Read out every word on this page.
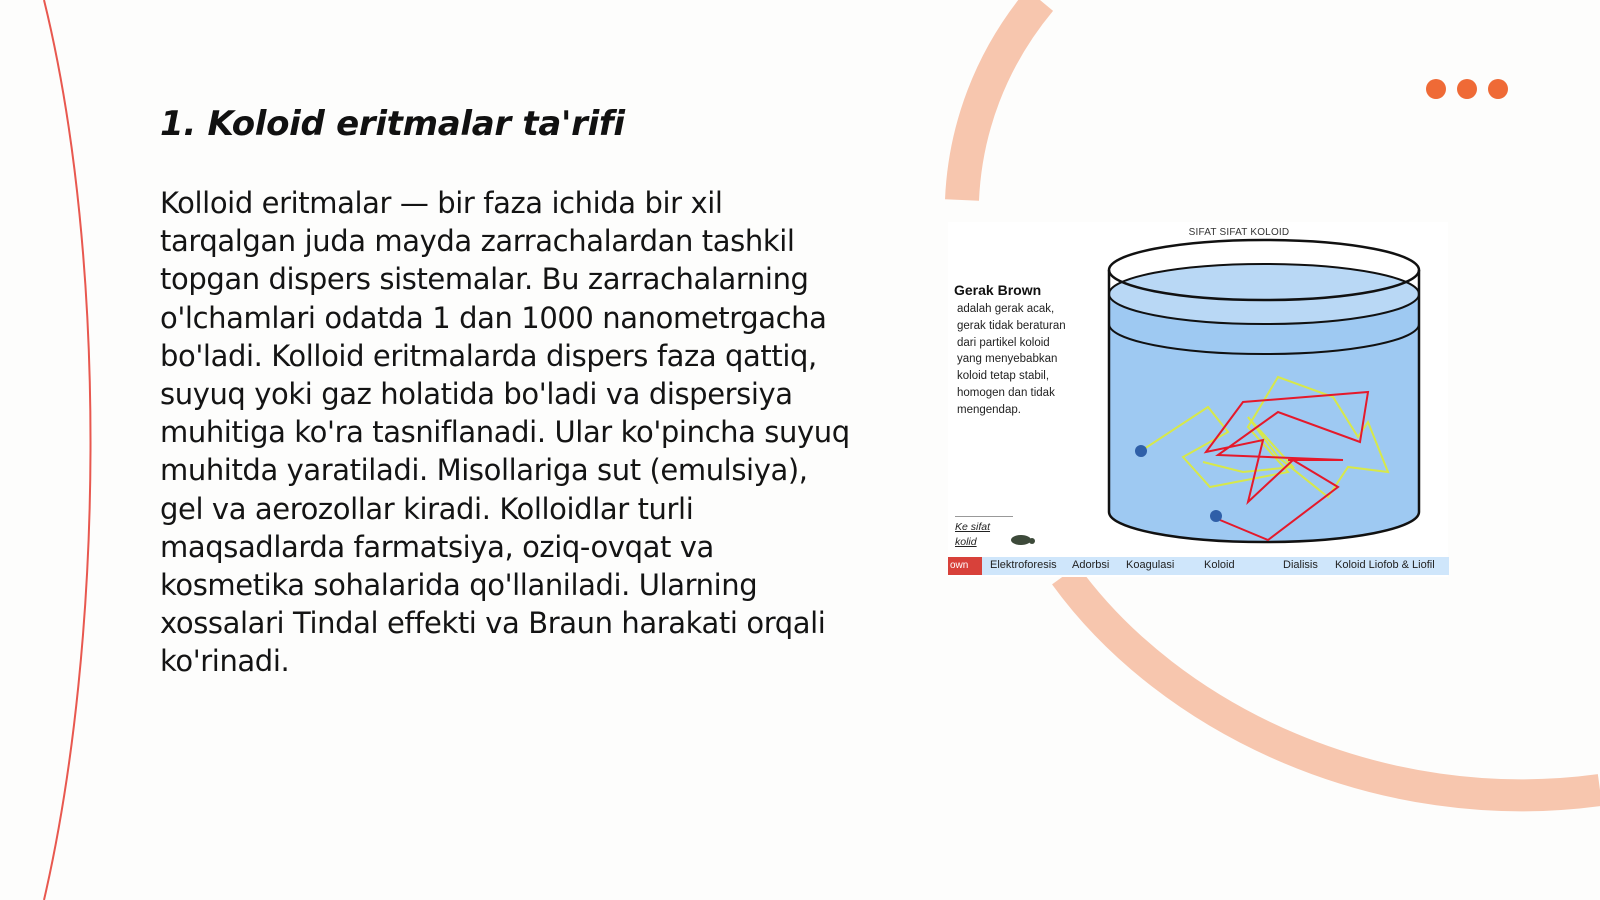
1. Koloid eritmalar ta'rifi

Kolloid eritmalar — bir faza ichida bir xil tarqalgan juda mayda zarrachalardan tashkil topgan dispers sistemalar. Bu zarrachalarning o'lchamlari odatda 1 dan 1000 nanometrgacha bo'ladi. Kolloid eritmalarda dispers faza qattiq, suyuq yoki gaz holatida bo'ladi va dispersiya muhitiga ko'ra tasniflanadi. Ular ko'pincha suyuq muhitda yaratiladi. Misollariga sut (emulsiya), gel va aerozollar kiradi. Kolloidlar turli maqsadlarda farmatsiya, oziq-ovqat va kosmetika sohalarida qo'llaniladi. Ularning xossalari Tindal effekti va Braun harakati orqali ko'rinadi.

SIFAT SIFAT KOLOID
Gerak Brown
adalah gerak acak, gerak tidak beraturan dari partikel koloid yang menyebabkan koloid tetap stabil, homogen dan tidak mengendap.
Ke sifat kolid
own	Elektroforesis Adorbsi Koagulasi	Koloid	Dialisis Koloid Liofob & Liofil
